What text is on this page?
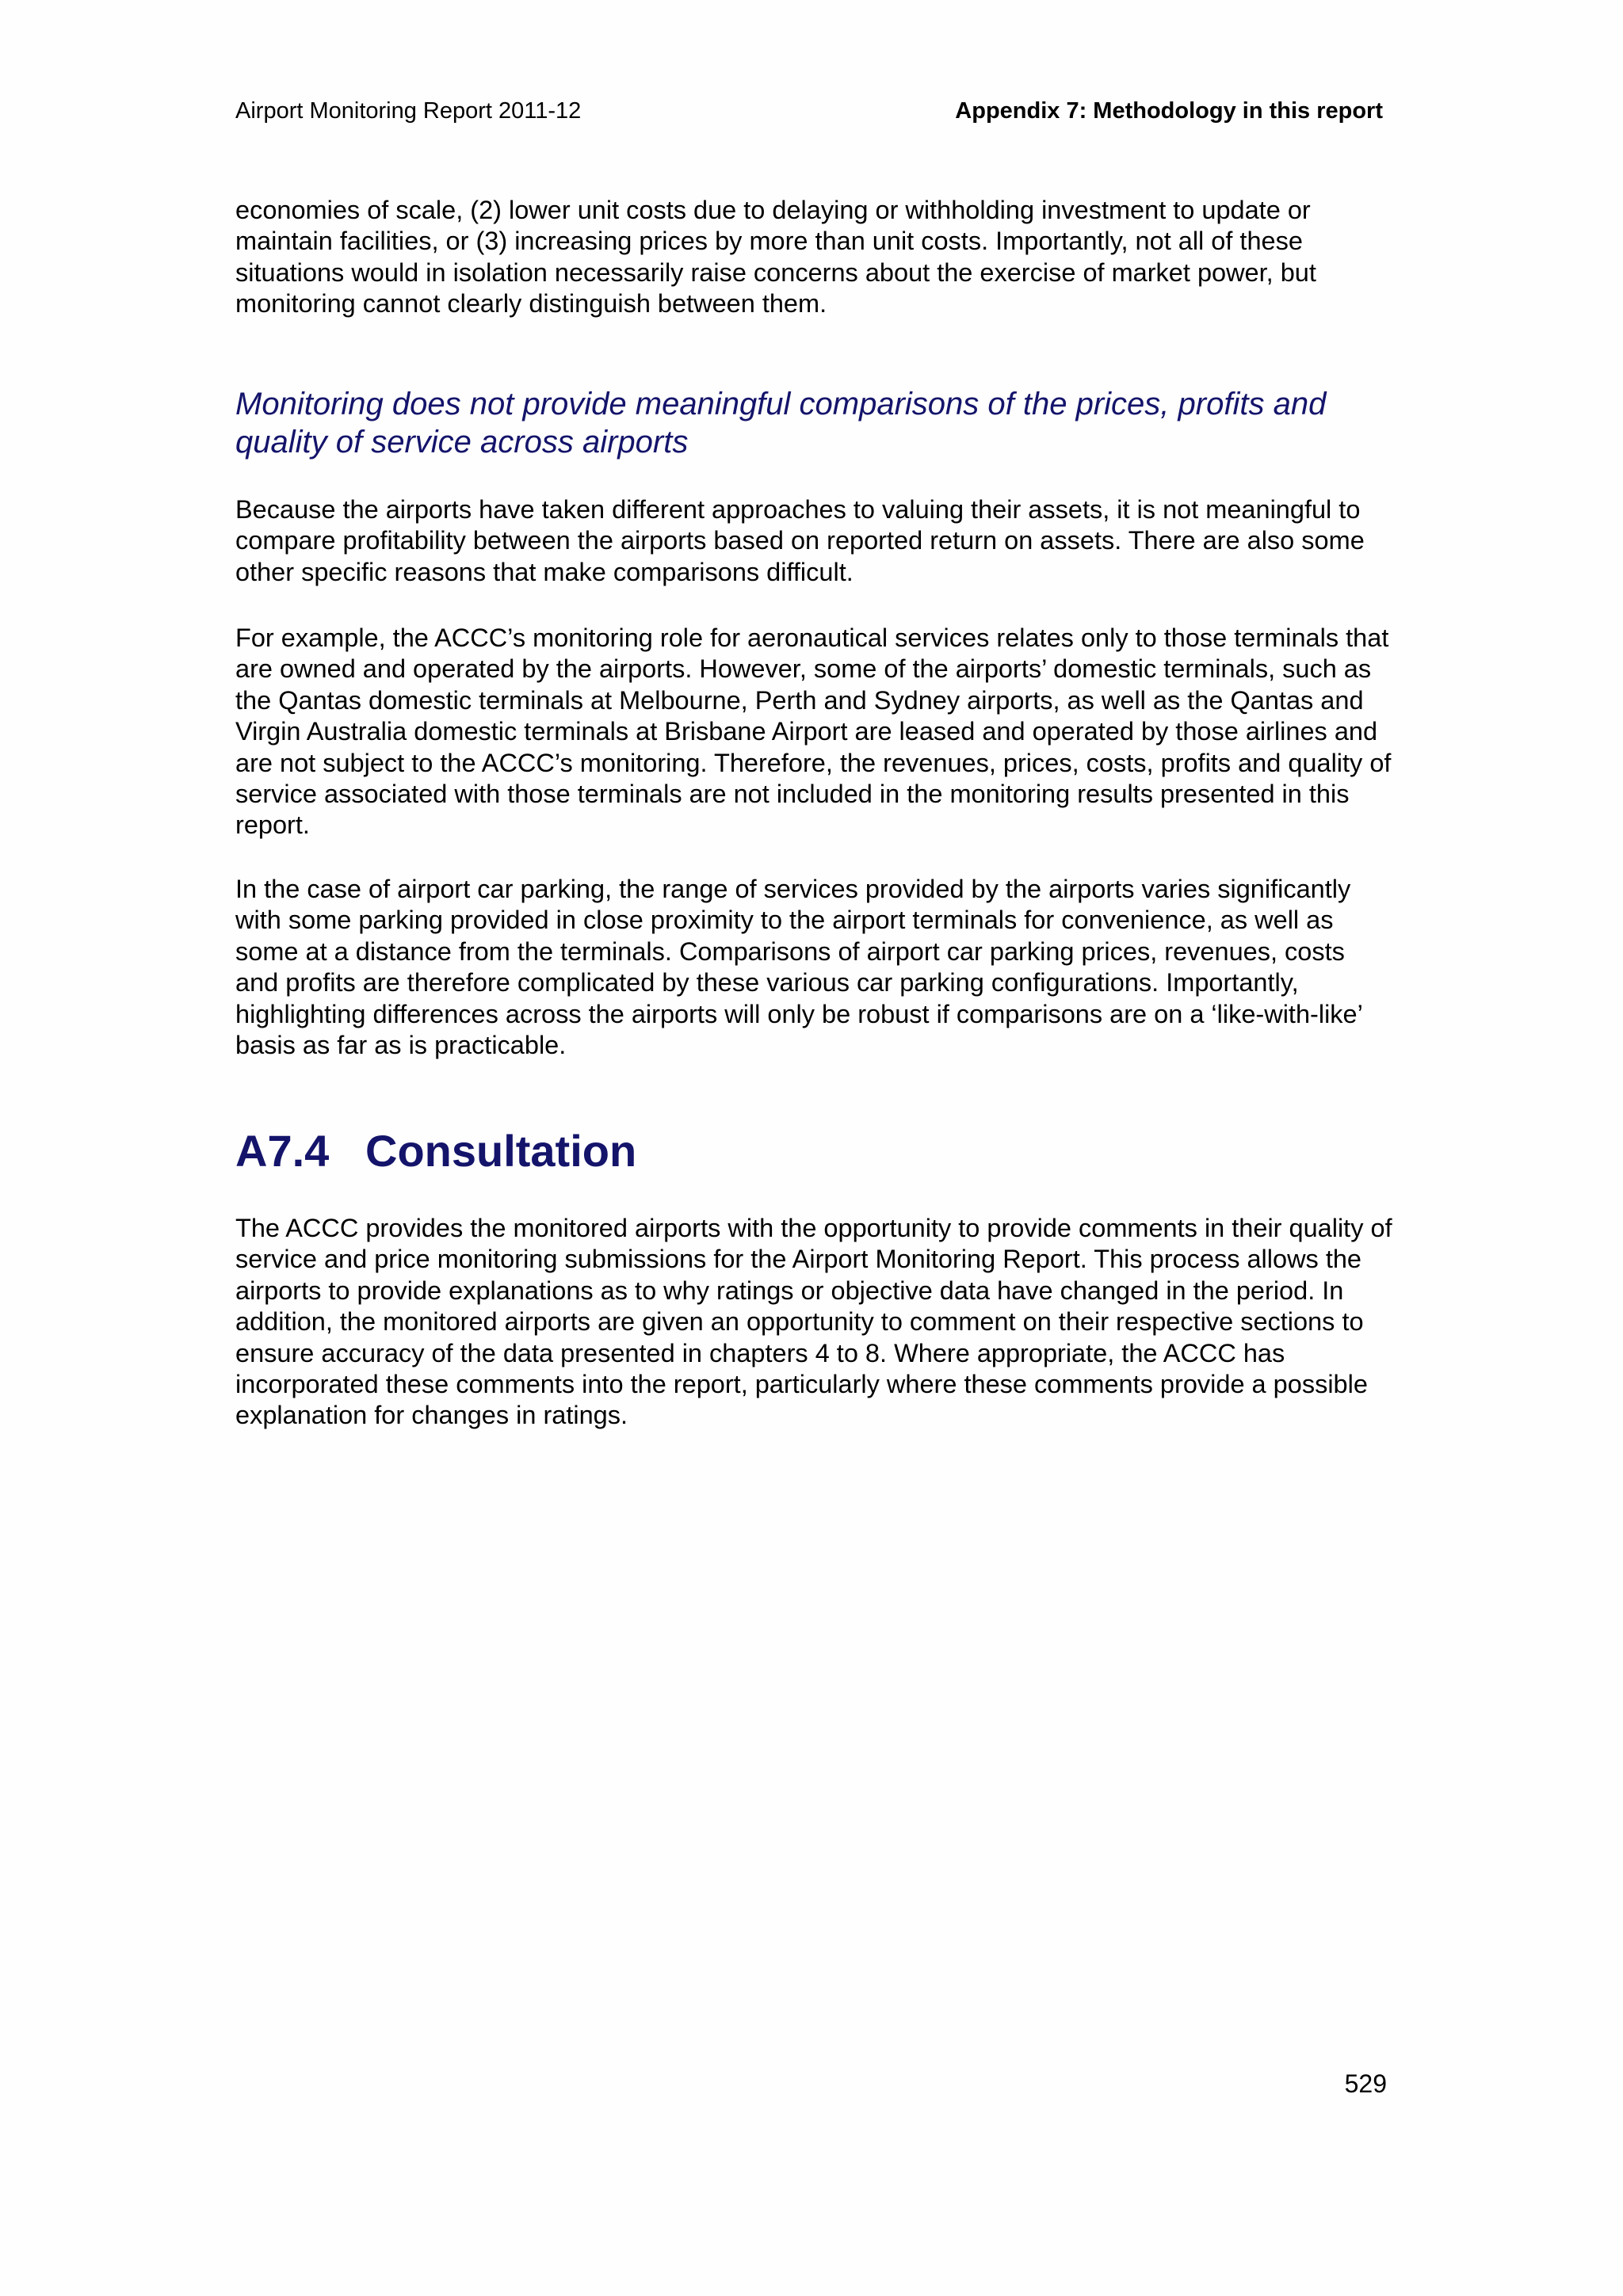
Airport Monitoring Report 2011-12	Appendix 7: Methodology in this report

economies of scale, (2) lower unit costs due to delaying or withholding investment to update or maintain facilities, or (3) increasing prices by more than unit costs. Importantly, not all of these situations would in isolation necessarily raise concerns about the exercise of market power, but monitoring cannot clearly distinguish between them.

Monitoring does not provide meaningful comparisons of the prices, profits and quality of service across airports

Because the airports have taken different approaches to valuing their assets, it is not meaningful to compare profitability between the airports based on reported return on assets. There are also some other specific reasons that make comparisons difficult.

For example, the ACCC’s monitoring role for aeronautical services relates only to those terminals that are owned and operated by the airports. However, some of the airports’ domestic terminals, such as the Qantas domestic terminals at Melbourne, Perth and Sydney airports, as well as the Qantas and Virgin Australia domestic terminals at Brisbane Airport are leased and operated by those airlines and are not subject to the ACCC’s monitoring. Therefore, the revenues, prices, costs, profits and quality of service associated with those terminals are not included in the monitoring results presented in this report.

In the case of airport car parking, the range of services provided by the airports varies significantly with some parking provided in close proximity to the airport terminals for convenience, as well as some at a distance from the terminals. Comparisons of airport car parking prices, revenues, costs and profits are therefore complicated by these various car parking configurations. Importantly, highlighting differences across the airports will only be robust if comparisons are on a ‘like-with-like’ basis as far as is practicable.

A7.4 Consultation

The ACCC provides the monitored airports with the opportunity to provide comments in their quality of service and price monitoring submissions for the Airport Monitoring Report. This process allows the airports to provide explanations as to why ratings or objective data have changed in the period. In addition, the monitored airports are given an opportunity to comment on their respective sections to ensure accuracy of the data presented in chapters 4 to 8. Where appropriate, the ACCC has incorporated these comments into the report, particularly where these comments provide a possible explanation for changes in ratings.

529
